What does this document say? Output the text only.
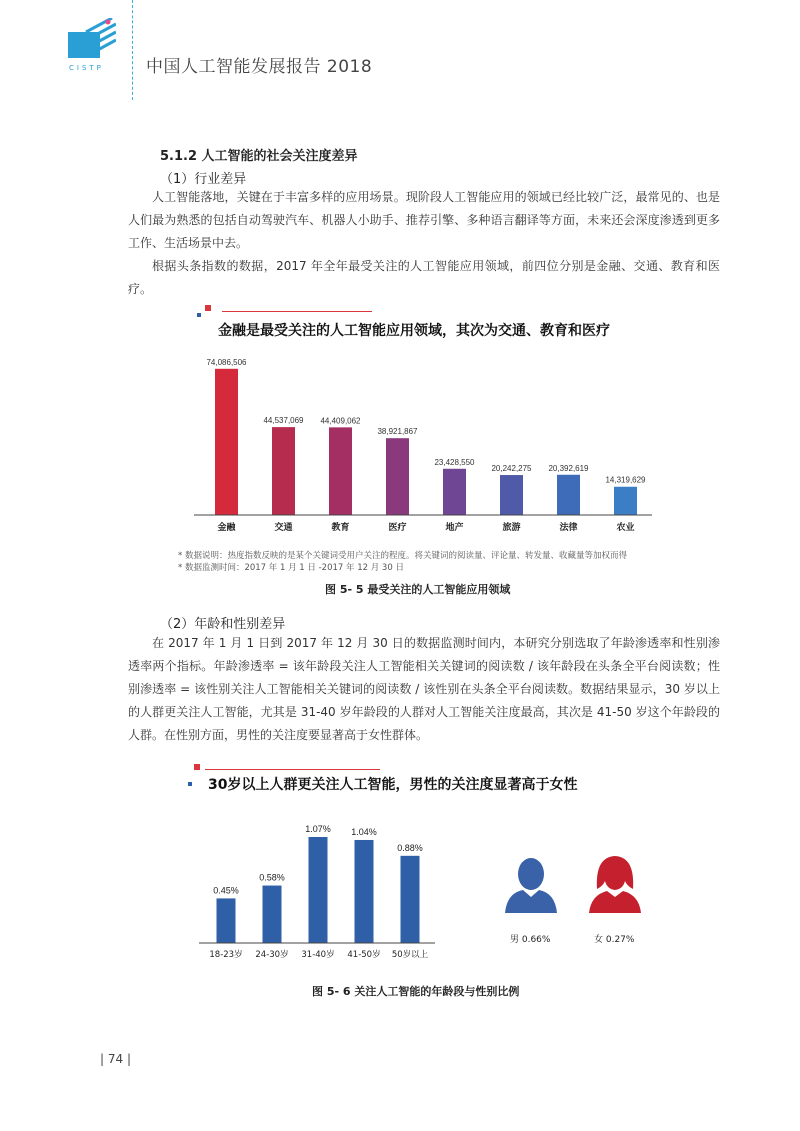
CISTP 中国人工智能发展报告 2018
5.1.2 人工智能的社会关注度差异
（1）行业差异

人工智能落地，关键在于丰富多样的应用场景。现阶段人工智能应用的领域已经比较广泛，最常见的、也是人们最为熟悉的包括自动驾驶汽车、机器人小助手、推荐引擎、多种语言翻译等方面，未来还会深度渗透到更多工作、生活场景中去。

根据头条指数的数据，2017 年全年最受关注的人工智能应用领域，前四位分别是金融、交通、教育和医疗。

金融是最受关注的人工智能应用领域，其次为交通、教育和医疗
74,086,506
金融
44,537,069
交通
44,409,062
教育
38,921,867
医疗
23,428,550
地产
20,242,275
旅游
20,392,619
法律
14,319,629
农业
* 数据说明：热度指数反映的是某个关键词受用户关注的程度。将关键词的阅读量、评论量、转发量、收藏量等加权而得
* 数据监测时间：2017 年 1 月 1 日 -2017 年 12 月 30 日
图 5- 5 最受关注的人工智能应用领域
（2）年龄和性别差异

在 2017 年 1 月 1 日到 2017 年 12 月 30 日的数据监测时间内，本研究分别选取了年龄渗透率和性别渗透率两个指标。年龄渗透率 = 该年龄段关注人工智能相关关键词的阅读数 / 该年龄段在头条全平台阅读数；性别渗透率 = 该性别关注人工智能相关关键词的阅读数 / 该性别在头条全平台阅读数。数据结果显示，30 岁以上的人群更关注人工智能，尤其是 31-40 岁年龄段的人群对人工智能关注度最高，其次是 41-50 岁这个年龄段的人群。在性别方面，男性的关注度要显著高于女性群体。

30岁以上人群更关注人工智能，男性的关注度显著高于女性
0.45%
18-23岁
0.58%
24-30岁
1.07%
31-40岁
1.04%
41-50岁
0.88%
50岁以上
男 0.66%	女 0.27%
图 5- 6 关注人工智能的年龄段与性别比例
| 74 |
